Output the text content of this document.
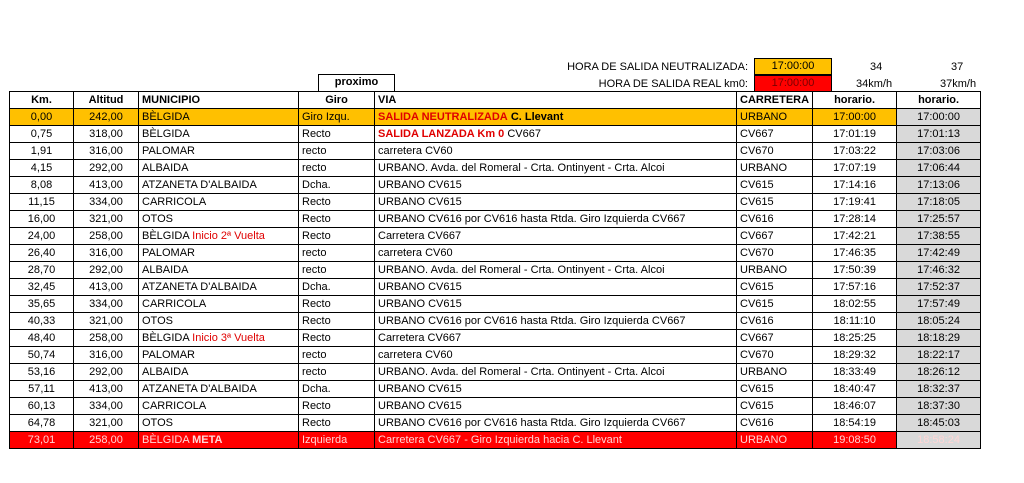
HORA DE SALIDA NEUTRALIZADA:	17:00:00	34	37
HORA DE SALIDA REAL km0:	17:00:00	34km/h	37km/h
proximo
Km.	Altitud	MUNICIPIO	Giro	VIA	CARRETERA	horario.	horario.
0,00	242,00	BÈLGIDA	Giro Izqu.	SALIDA NEUTRALIZADA C. Llevant	URBANO	17:00:00	17:00:00
0,75	318,00	BÈLGIDA	Recto	SALIDA LANZADA Km 0 CV667	CV667	17:01:19	17:01:13
1,91	316,00	PALOMAR	recto	carretera CV60	CV670	17:03:22	17:03:06
4,15	292,00	ALBAIDA	recto	URBANO. Avda. del Romeral - Crta. Ontinyent - Crta. Alcoi	URBANO	17:07:19	17:06:44
8,08	413,00	ATZANETA D'ALBAIDA	Dcha.	URBANO CV615	CV615	17:14:16	17:13:06
11,15	334,00	CARRICOLA	Recto	URBANO CV615	CV615	17:19:41	17:18:05
16,00	321,00	OTOS	Recto	URBANO CV616 por CV616 hasta Rtda. Giro Izquierda CV667	CV616	17:28:14	17:25:57
24,00	258,00	BÈLGIDA Inicio 2ª Vuelta	Recto	Carretera CV667	CV667	17:42:21	17:38:55
26,40	316,00	PALOMAR	recto	carretera CV60	CV670	17:46:35	17:42:49
28,70	292,00	ALBAIDA	recto	URBANO. Avda. del Romeral - Crta. Ontinyent - Crta. Alcoi	URBANO	17:50:39	17:46:32
32,45	413,00	ATZANETA D'ALBAIDA	Dcha.	URBANO CV615	CV615	17:57:16	17:52:37
35,65	334,00	CARRICOLA	Recto	URBANO CV615	CV615	18:02:55	17:57:49
40,33	321,00	OTOS	Recto	URBANO CV616 por CV616 hasta Rtda. Giro Izquierda CV667	CV616	18:11:10	18:05:24
48,40	258,00	BÈLGIDA Inicio 3ª Vuelta	Recto	Carretera CV667	CV667	18:25:25	18:18:29
50,74	316,00	PALOMAR	recto	carretera CV60	CV670	18:29:32	18:22:17
53,16	292,00	ALBAIDA	recto	URBANO. Avda. del Romeral - Crta. Ontinyent - Crta. Alcoi	URBANO	18:33:49	18:26:12
57,11	413,00	ATZANETA D'ALBAIDA	Dcha.	URBANO CV615	CV615	18:40:47	18:32:37
60,13	334,00	CARRICOLA	Recto	URBANO CV615	CV615	18:46:07	18:37:30
64,78	321,00	OTOS	Recto	URBANO CV616 por CV616 hasta Rtda. Giro Izquierda CV667	CV616	18:54:19	18:45:03
73,01	258,00	BÈLGIDA META	Izquierda	Carretera CV667 - Giro Izquierda hacia C. Llevant	URBANO	19:08:50	18:58:24
